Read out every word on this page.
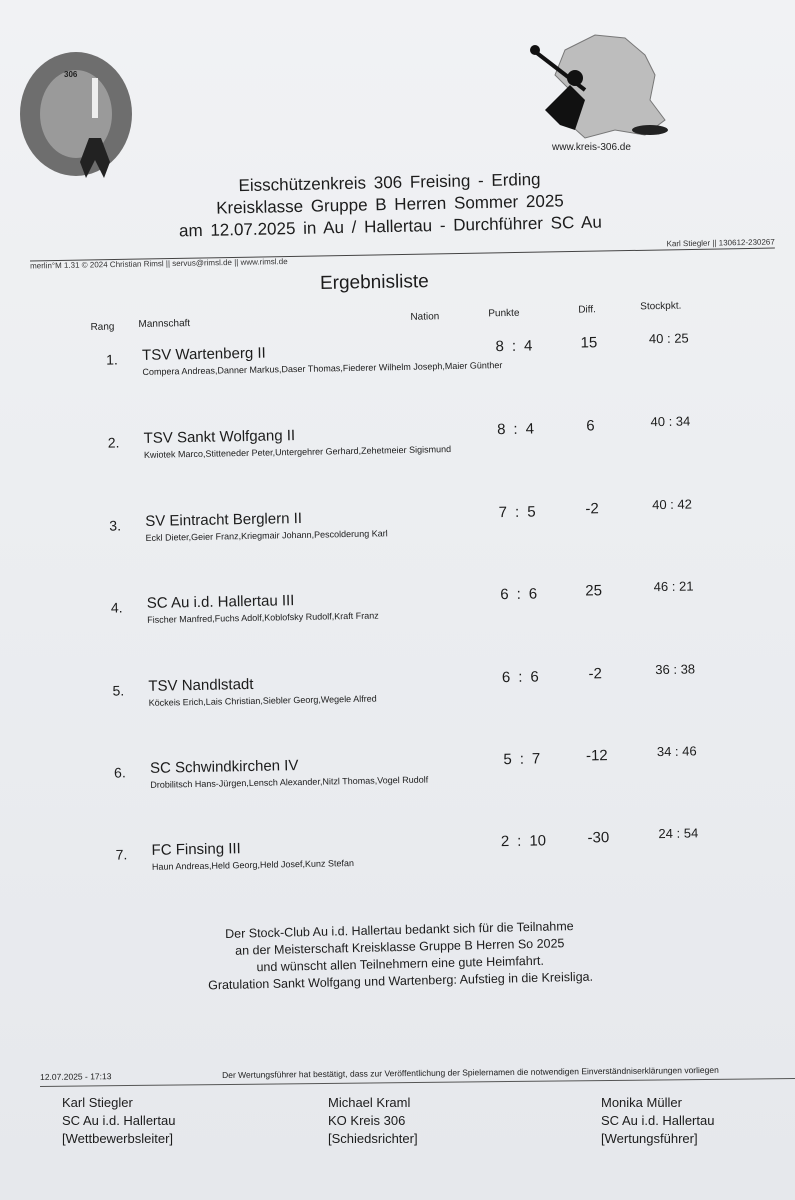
306
www.kreis-306.de
Eisschützenkreis 306 Freising - Erding
Kreisklasse Gruppe B Herren Sommer 2025
am 12.07.2025 in Au / Hallertau - Durchführer SC Au
Karl Stiegler || 130612-230267
merlin°M 1.31 © 2024 Christian Rimsl || servus@rimsl.de || www.rimsl.de
Ergebnisliste
Rang Mannschaft
Nation	Punkte	Diff.	Stockpkt.
1. TSV Wartenberg II
Compera Andreas,Danner Markus,Daser Thomas,Fiederer Wilhelm Joseph,Maier Günther
8 : 4	15	40 : 25
2. TSV Sankt Wolfgang II
Kwiotek Marco,Stitteneder Peter,Untergehrer Gerhard,Zehetmeier Sigismund
8 : 4	6	40 : 34
3. SV Eintracht Berglern II
Eckl Dieter,Geier Franz,Kriegmair Johann,Pescolderung Karl
7 : 5	-2	40 : 42
4. SC Au i.d. Hallertau III
Fischer Manfred,Fuchs Adolf,Koblofsky Rudolf,Kraft Franz
6 : 6	25	46 : 21
5. TSV Nandlstadt
Köckeis Erich,Lais Christian,Siebler Georg,Wegele Alfred
6 : 6	-2	36 : 38
6. SC Schwindkirchen IV
Drobilitsch Hans-Jürgen,Lensch Alexander,Nitzl Thomas,Vogel Rudolf
5 : 7	-12	34 : 46
7. FC Finsing III
Haun Andreas,Held Georg,Held Josef,Kunz Stefan
2 : 10	-30	24 : 54
Der Stock-Club Au i.d. Hallertau bedankt sich für die Teilnahme
an der Meisterschaft Kreisklasse Gruppe B Herren So 2025
und wünscht allen Teilnehmern eine gute Heimfahrt.
Gratulation Sankt Wolfgang und Wartenberg: Aufstieg in die Kreisliga.
12.07.2025 - 17:13	Der Wertungsführer hat bestätigt, dass zur Veröffentlichung der Spielernamen die notwendigen Einverständniserklärungen vorliegen
Karl Stiegler
SC Au i.d. Hallertau
[Wettbewerbsleiter]
Michael Kraml
KO Kreis 306
[Schiedsrichter]
Monika Müller
SC Au i.d. Hallertau
[Wertungsführer]
